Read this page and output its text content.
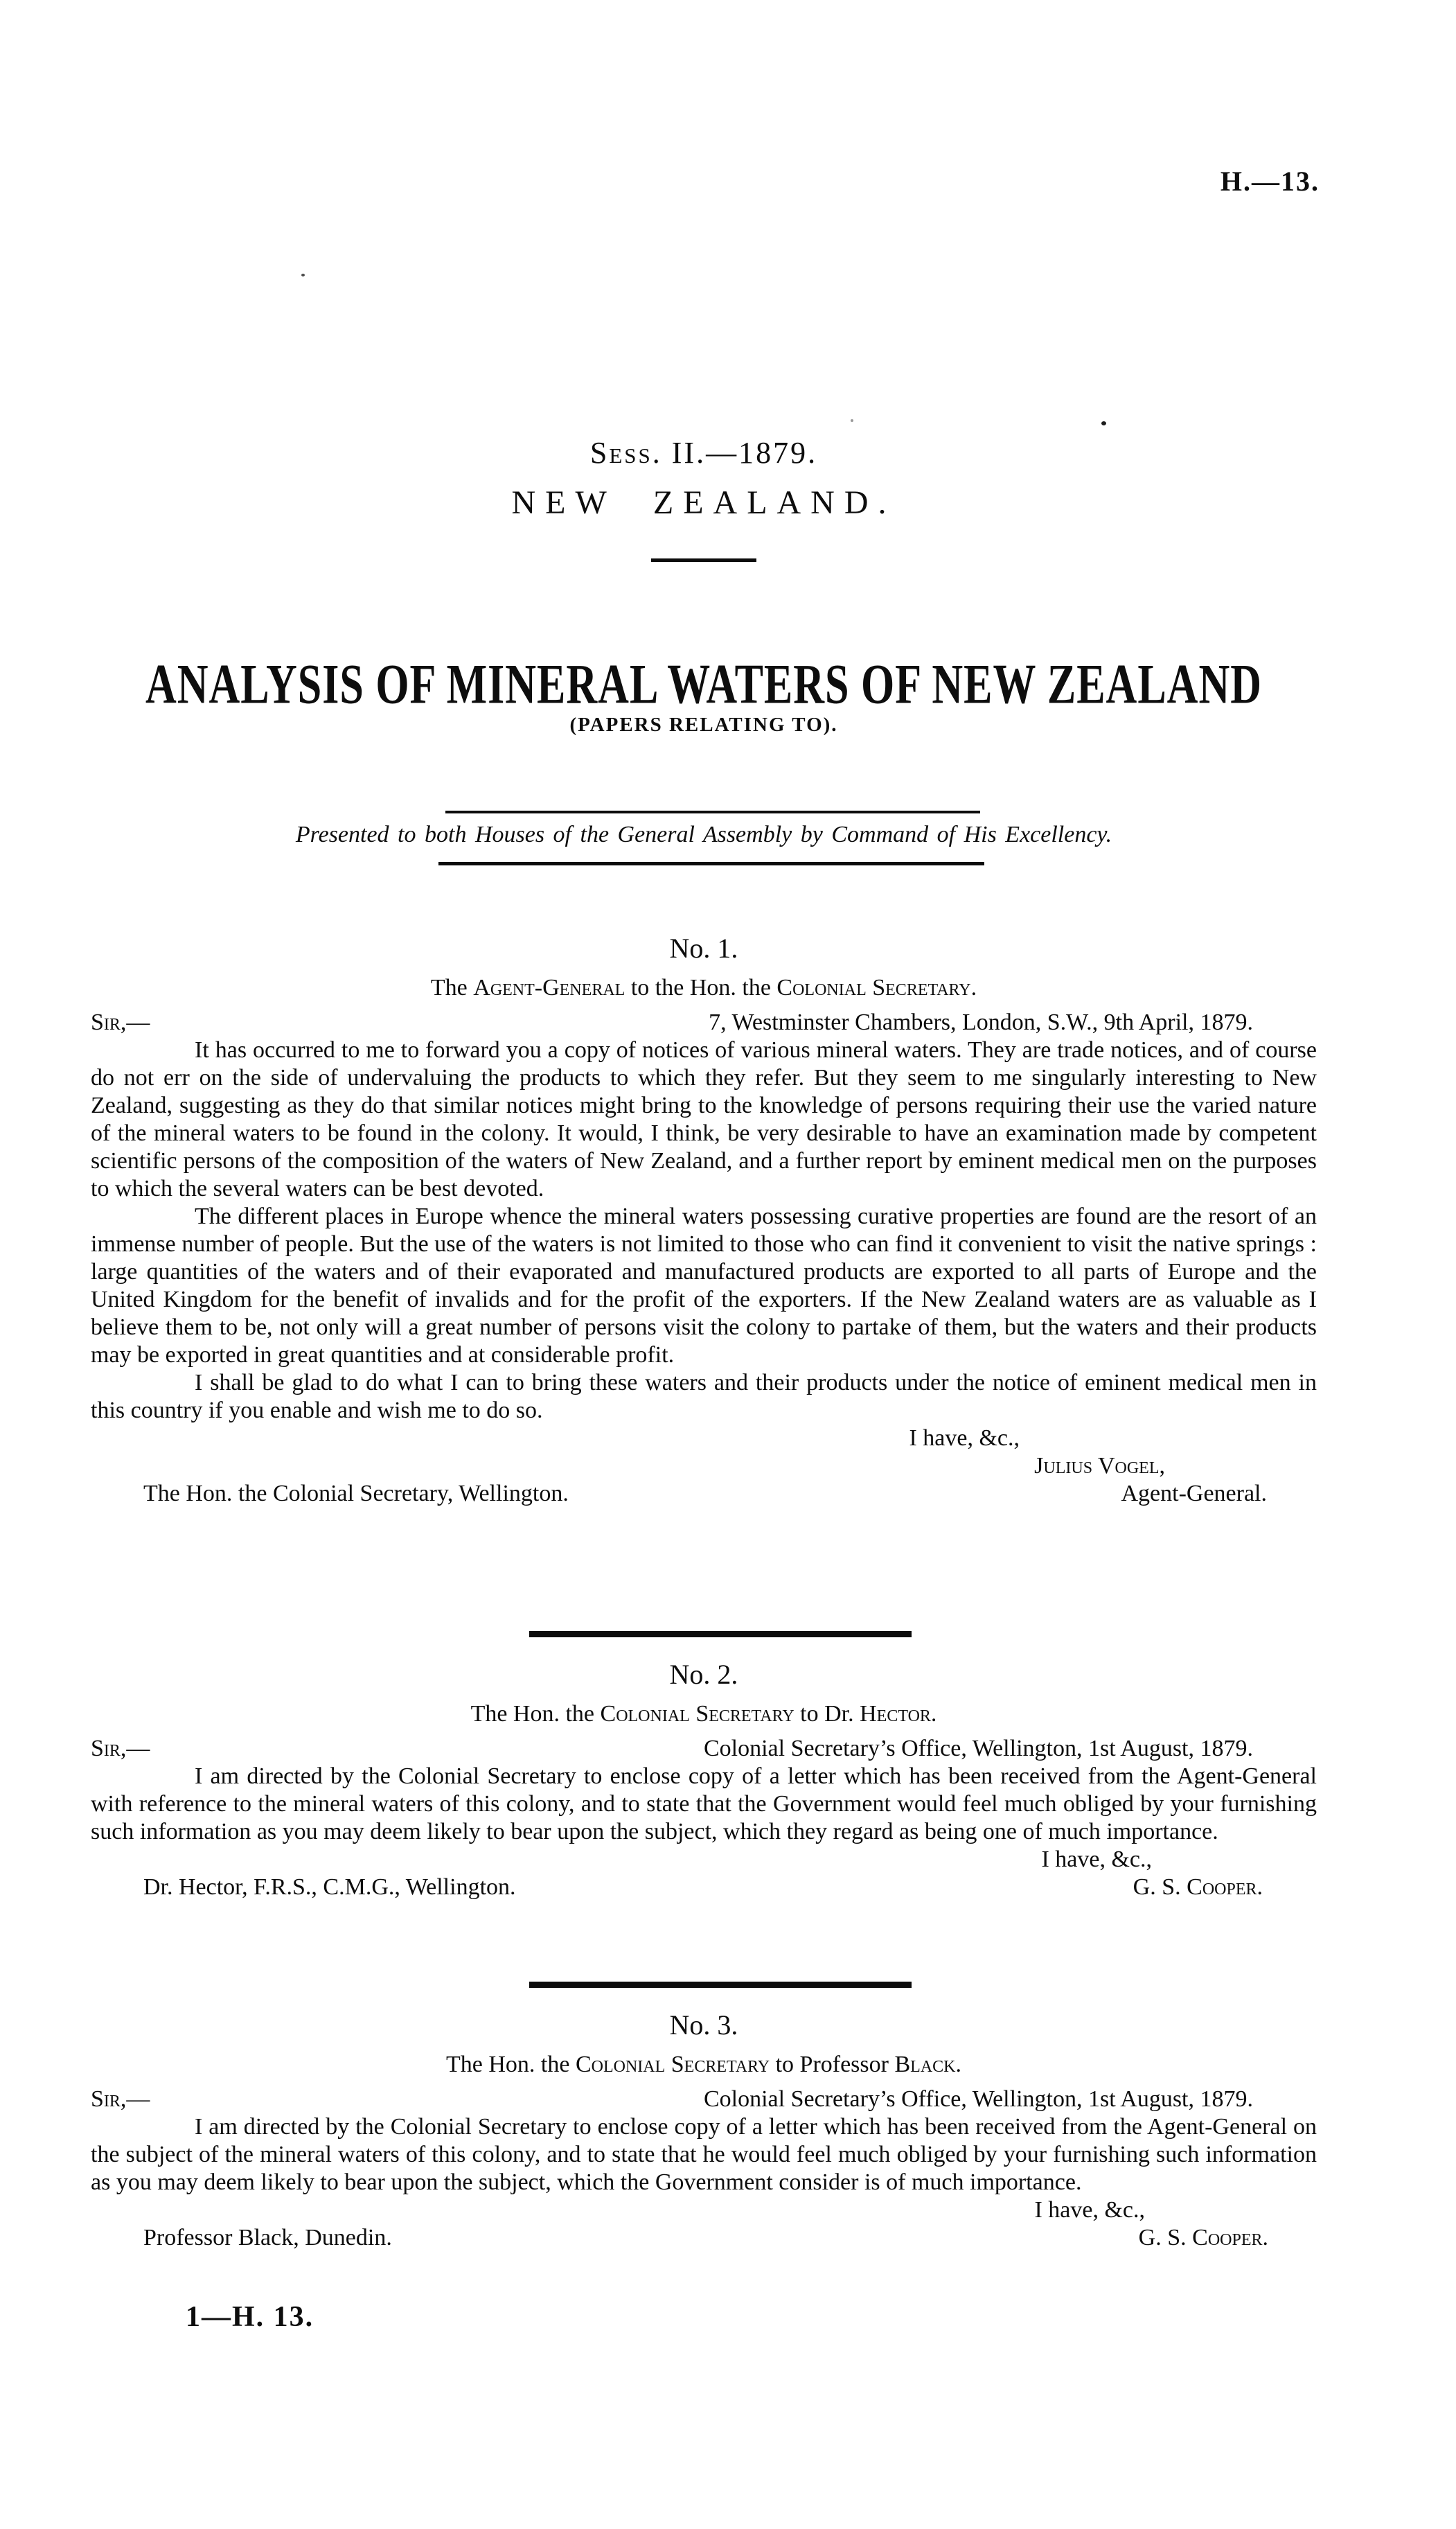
H.—13.
Sess. II.—1879.
NEW ZEALAND.
ANALYSIS OF MINERAL WATERS OF NEW ZEALAND
(PAPERS RELATING TO).
Presented to both Houses of the General Assembly by Command of His Excellency.
No. 1.
The Agent-General to the Hon. the Colonial Secretary.
Sir,—	7, Westminster Chambers, London, S.W., 9th April, 1879.

It has occurred to me to forward you a copy of notices of various mineral waters. They are trade notices, and of course do not err on the side of undervaluing the products to which they refer. But they seem to me singularly interesting to New Zealand, suggesting as they do that similar notices might bring to the knowledge of persons requiring their use the varied nature of the mineral waters to be found in the colony. It would, I think, be very desirable to have an examination made by competent scientific persons of the composition of the waters of New Zealand, and a further report by eminent medical men on the purposes to which the several waters can be best devoted.

The different places in Europe whence the mineral waters possessing curative properties are found are the resort of an immense number of people. But the use of the waters is not limited to those who can find it convenient to visit the native springs : large quantities of the waters and of their evaporated and manufactured products are exported to all parts of Europe and the United Kingdom for the benefit of invalids and for the profit of the exporters. If the New Zealand waters are as valuable as I believe them to be, not only will a great number of persons visit the colony to partake of them, but the waters and their products may be exported in great quantities and at considerable profit.

I shall be glad to do what I can to bring these waters and their products under the notice of eminent medical men in this country if you enable and wish me to do so.

I have, &c.,
Julius Vogel,
The Hon. the Colonial Secretary, Wellington.	Agent-General.
No. 2.
The Hon. the Colonial Secretary to Dr. Hector.
Sir,—	Colonial Secretary’s Office, Wellington, 1st August, 1879.

I am directed by the Colonial Secretary to enclose copy of a letter which has been received from the Agent-General with reference to the mineral waters of this colony, and to state that the Government would feel much obliged by your furnishing such information as you may deem likely to bear upon the subject, which they regard as being one of much importance.

I have, &c.,
Dr. Hector, F.R.S., C.M.G., Wellington.	G. S. Cooper.
No. 3.
The Hon. the Colonial Secretary to Professor Black.
Sir,—	Colonial Secretary’s Office, Wellington, 1st August, 1879.

I am directed by the Colonial Secretary to enclose copy of a letter which has been received from the Agent-General on the subject of the mineral waters of this colony, and to state that he would feel much obliged by your furnishing such information as you may deem likely to bear upon the subject, which the Government consider is of much importance.

I have, &c.,
Professor Black, Dunedin.	G. S. Cooper.
1—H. 13.
